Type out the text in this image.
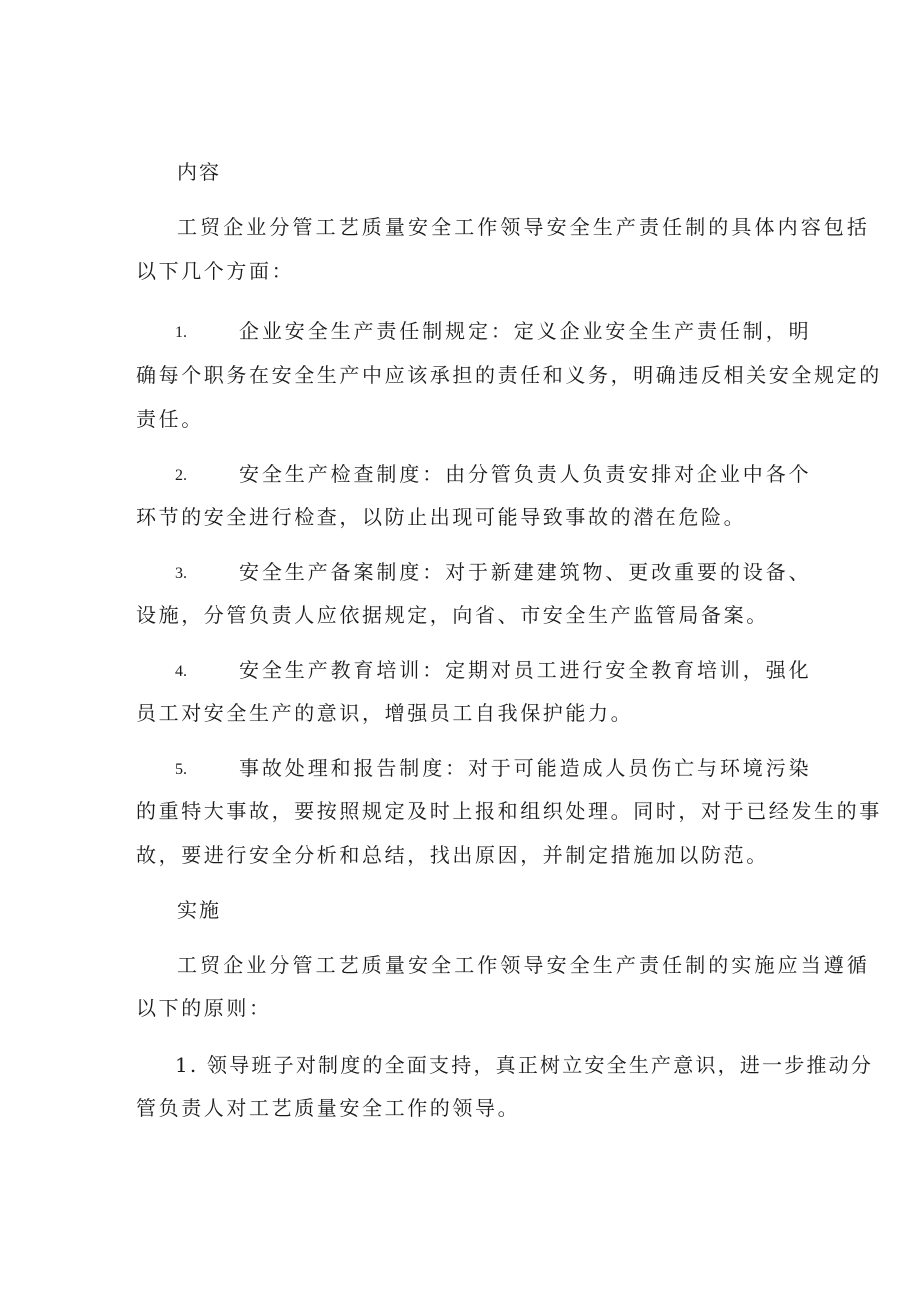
内容
工贸企业分管工艺质量安全工作领导安全生产责任制的具体内容包括
以下几个方面：
1.	企业安全生产责任制规定：定义企业安全生产责任制，明
确每个职务在安全生产中应该承担的责任和义务，明确违反相关安全规定的
责任。
2.	安全生产检查制度：由分管负责人负责安排对企业中各个
环节的安全进行检查，以防止出现可能导致事故的潜在危险。
3.	安全生产备案制度：对于新建建筑物、更改重要的设备、
设施，分管负责人应依据规定，向省、市安全生产监管局备案。
4.	安全生产教育培训：定期对员工进行安全教育培训，强化
员工对安全生产的意识，增强员工自我保护能力。
5.	事故处理和报告制度：对于可能造成人员伤亡与环境污染
的重特大事故，要按照规定及时上报和组织处理。同时，对于已经发生的事
故，要进行安全分析和总结，找出原因，并制定措施加以防范。
实施
工贸企业分管工艺质量安全工作领导安全生产责任制的实施应当遵循
以下的原则：
1. 领导班子对制度的全面支持，真正树立安全生产意识，进一步推动分
管负责人对工艺质量安全工作的领导。
